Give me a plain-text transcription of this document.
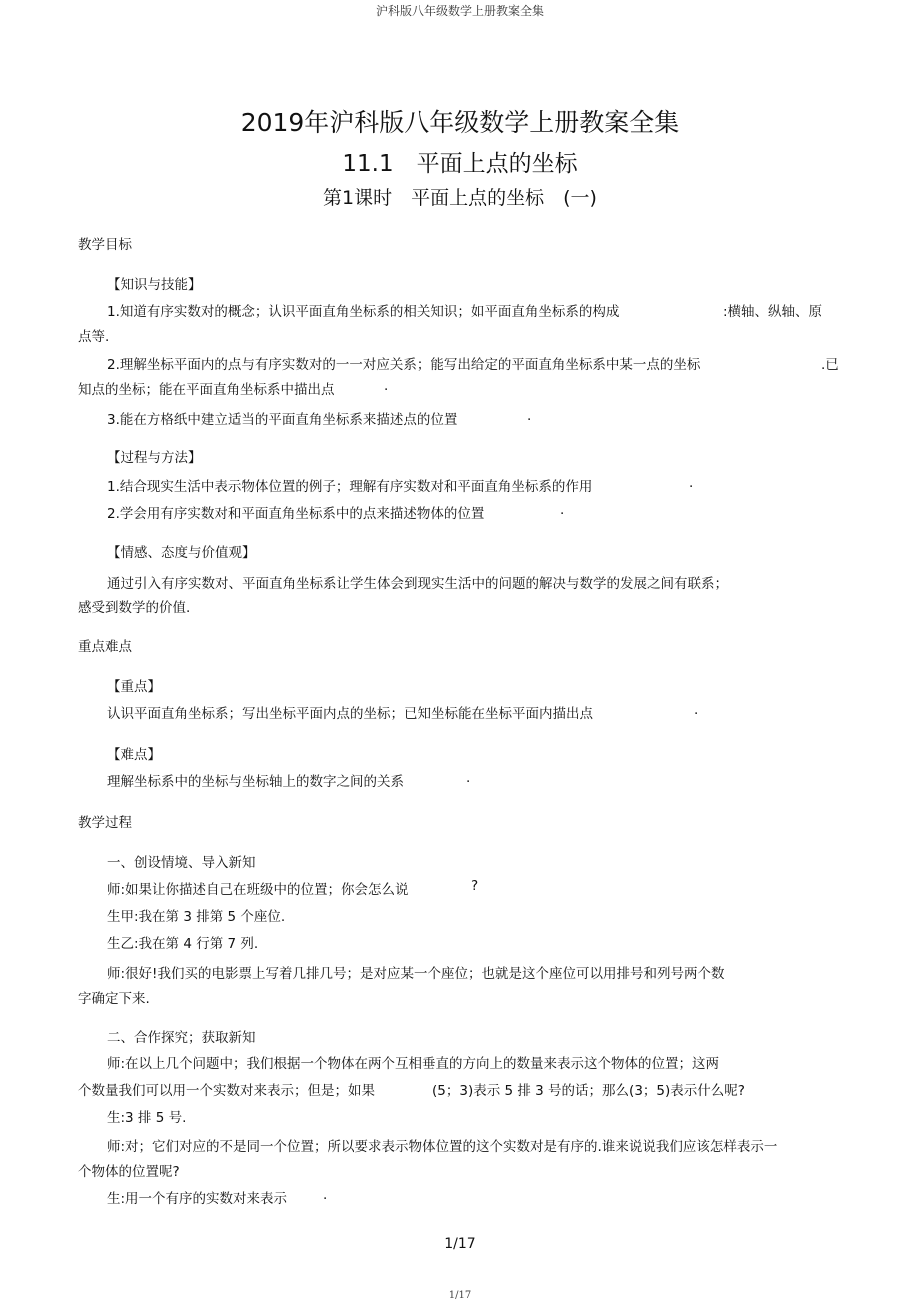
沪科版八年级数学上册教案全集
2019年沪科版八年级数学上册教案全集
11.1　平面上点的坐标
第1课时　平面上点的坐标　(一)
教学目标
【知识与技能】
1.知道有序实数对的概念；认识平面直角坐标系的相关知识；如平面直角坐标系的构成	:横轴、纵轴、原
点等.
2.理解坐标平面内的点与有序实数对的一一对应关系；能写出给定的平面直角坐标系中某一点的坐标	.已
知点的坐标；能在平面直角坐标系中描出点	.
3.能在方格纸中建立适当的平面直角坐标系来描述点的位置	.
【过程与方法】
1.结合现实生活中表示物体位置的例子；理解有序实数对和平面直角坐标系的作用	.
2.学会用有序实数对和平面直角坐标系中的点来描述物体的位置	.
【情感、态度与价值观】
通过引入有序实数对、平面直角坐标系让学生体会到现实生活中的问题的解决与数学的发展之间有联系；
感受到数学的价值.
重点难点
【重点】
认识平面直角坐标系；写出坐标平面内点的坐标；已知坐标能在坐标平面内描出点	.
【难点】
理解坐标系中的坐标与坐标轴上的数字之间的关系	.
教学过程
一、创设情境、导入新知
师:如果让你描述自己在班级中的位置；你会怎么说	?
生甲:我在第 3 排第 5 个座位.
生乙:我在第 4 行第 7 列.
师:很好!我们买的电影票上写着几排几号；是对应某一个座位；也就是这个座位可以用排号和列号两个数
字确定下来.
二、合作探究；获取新知
师:在以上几个问题中；我们根据一个物体在两个互相垂直的方向上的数量来表示这个物体的位置；这两
个数量我们可以用一个实数对来表示；但是；如果	(5；3)表示 5 排 3 号的话；那么(3；5)表示什么呢?
生:3 排 5 号.
师:对；它们对应的不是同一个位置；所以要求表示物体位置的这个实数对是有序的.谁来说说我们应该怎样表示一
个物体的位置呢?
生:用一个有序的实数对来表示	.
1/17
1/17
